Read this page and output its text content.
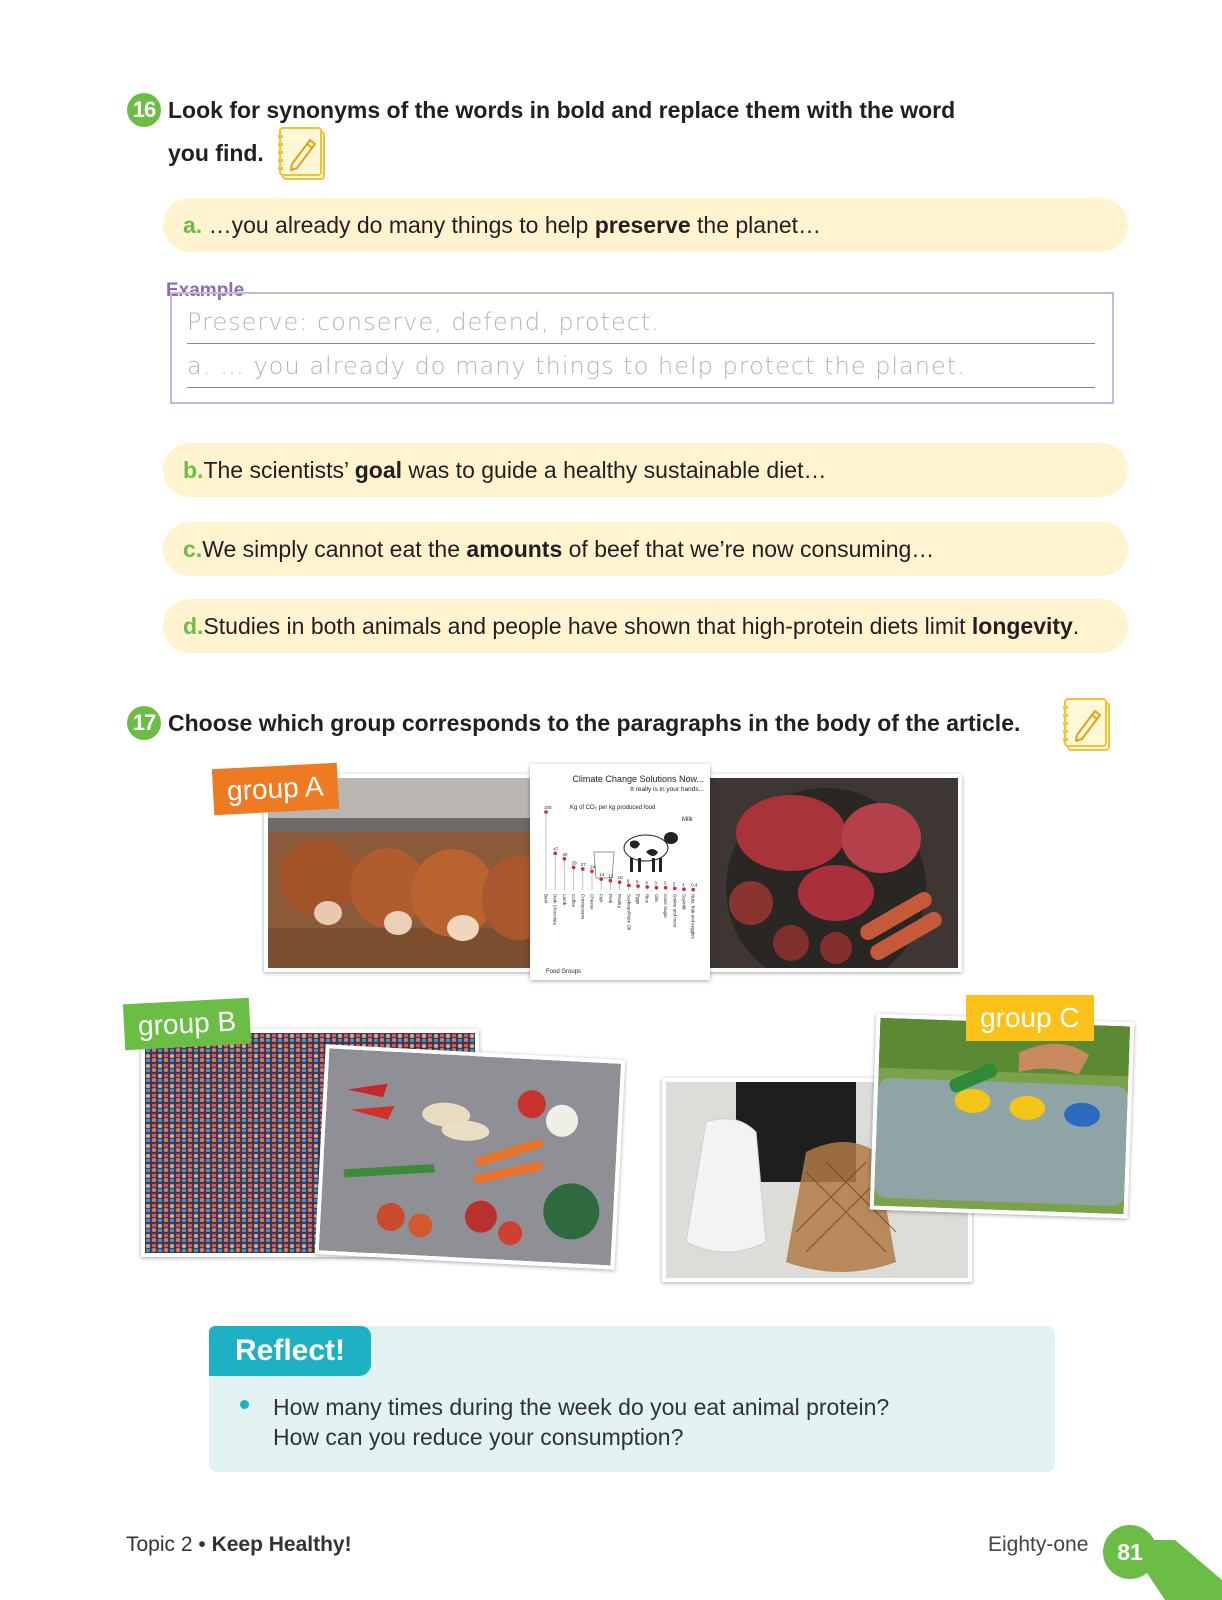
16 Look for synonyms of the words in bold and replace them with the word
you find.
a. …you already do many things to help preserve the planet…
Example
Preserve: conserve, defend, protect.
a. … you already do many things to help protect the planet.
b.The scientists’ goal was to guide a healthy sustainable diet…
c.We simply cannot eat the amounts of beef that we’re now consuming…
d.Studies in both animals and people have shown that high-protein diets limit longevity.
17 Choose which group corresponds to the paragraphs in the body of the article.
Climate Change Solutions Now...
It really is in your hands...
Kg of CO₂ per kg produced food
Milk
100
Beef
47
Dark Chocolate
40
Lamb
29
Coffee
27
Crustaceans
24
Cheese
14
Fish
12
Pork
10
Poultry
6
Soybean/Palm Oil
5
Eggs
4
Rice
3
Oils
3
Cane Sugar
2
Grains and more
1
Soymilk
0.4
Nuts, fruit and veggies
Food Groups
group A
group B	group C
Reflect!
How many times during the week do you eat animal protein?
How can you reduce your consumption?
Topic 2 • Keep Healthy!	Eighty-one	81
